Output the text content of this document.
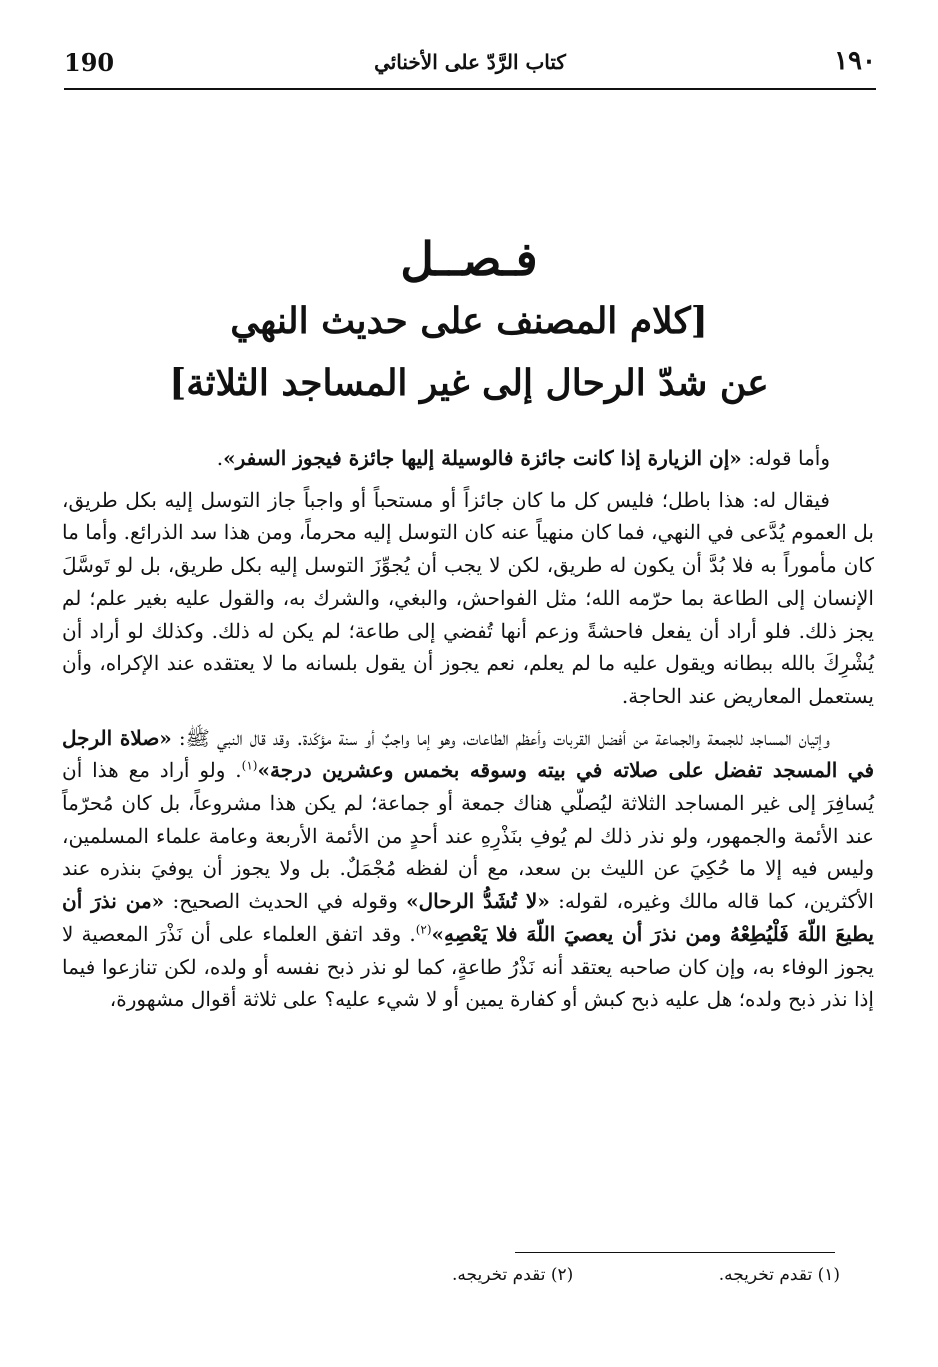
190	كتاب الرَّدّ على الأخنائي	١٩٠
فـصــل
[كلام المصنف على حديث النهي
عن شدّ الرحال إلى غير المساجد الثلاثة]

وأما قوله: «إن الزيارة إذا كانت جائزة فالوسيلة إليها جائزة فيجوز السفر».

فيقال له: هذا باطل؛ فليس كل ما كان جائزاً أو مستحباً أو واجباً جاز التوسل إليه بكل طريق، بل العموم يُدَّعى في النهي، فما كان منهياً عنه كان التوسل إليه محرماً، ومن هذا سد الذرائع. وأما ما كان مأموراً به فلا بُدَّ أن يكون له طريق، لكن لا يجب أن يُجوِّزَ التوسل إليه بكل طريق، بل لو تَوسَّلَ الإنسان إلى الطاعة بما حرّمه الله؛ مثل الفواحش، والبغي، والشرك به، والقول عليه بغير علم؛ لم يجز ذلك. فلو أراد أن يفعل فاحشةً وزعم أنها تُفضي إلى طاعة؛ لم يكن له ذلك. وكذلك لو أراد أن يُشْرِكَ بالله ببطانه ويقول عليه ما لم يعلم، نعم يجوز أن يقول بلسانه ما لا يعتقده عند الإكراه، وأن يستعمل المعاريض عند الحاجة.

وإتيان المساجد للجمعة والجماعة من أفضل القربات وأعظم الطاعات، وهو إما واجبٌ أو سنة مؤكّدة. وقد قال النبي ﷺ: «صلاة الرجل في المسجد تفضل على صلاته في بيته وسوقه بخمس وعشرين درجة»$^{(١)}$. ولو أراد مع هذا أن يُسافِرَ إلى غير المساجد الثلاثة ليُصلّي هناك جمعة أو جماعة؛ لم يكن هذا مشروعاً، بل كان مُحرّماً عند الأئمة والجمهور، ولو نذر ذلك لم يُوفِ بنَذْرِهِ عند أحدٍ من الأئمة الأربعة وعامة علماء المسلمين، وليس فيه إلا ما حُكِيَ عن الليث بن سعد، مع أن لفظه مُجْمَلٌ. بل ولا يجوز أن يوفيَ بنذره عند الأكثرين، كما قاله مالك وغيره، لقوله: «لا تُشَدُّ الرحال» وقوله في الحديث الصحيح: «من نذرَ أن يطيعَ اللّهَ فَلْيُطِعْهُ ومن نذرَ أن يعصيَ اللّهَ فلا يَعْصِهِ»$^{(٢)}$. وقد اتفق العلماء على أن نَذْرَ المعصية لا يجوز الوفاء به، وإن كان صاحبه يعتقد أنه نَذْرُ طاعةٍ، كما لو نذر ذبح نفسه أو ولده، لكن تنازعوا فيما إذا نذر ذبح ولده؛ هل عليه ذبح كبش أو كفارة يمين أو لا شيء عليه؟ على ثلاثة أقوال مشهورة،

(١) تقدم تخريجه. (٢) تقدم تخريجه.
